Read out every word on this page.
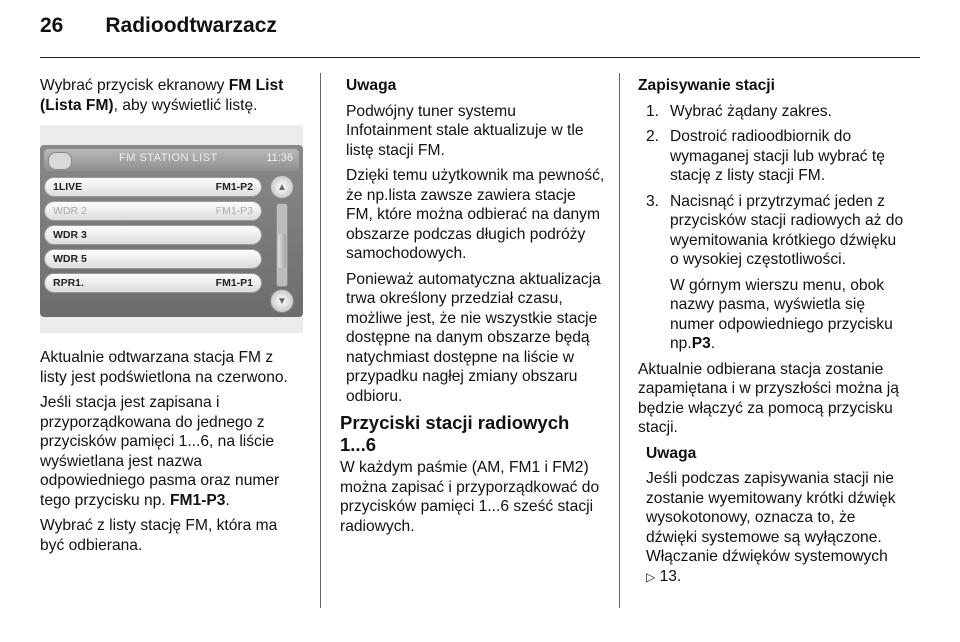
26 Radioodtwarzacz

Wybrać przycisk ekranowy FM List (Lista FM), aby wyświetlić listę.

FM STATION LIST	11:36
1LIVE	FM1-P2
WDR 2	FM1-P3
WDR 3
WDR 5
RPR1.	FM1-P1
▲
▼

Aktualnie odtwarzana stacja FM z listy jest podświetlona na czerwono.

Jeśli stacja jest zapisana i przyporządkowana do jednego z przycisków pamięci 1...6, na liście wyświetlana jest nazwa odpowiedniego pasma oraz numer tego przycisku np. FM1-P3.

Wybrać z listy stację FM, która ma być odbierana.

Uwaga

Podwójny tuner systemu Infotainment stale aktualizuje w tle listę stacji FM.

Dzięki temu użytkownik ma pewność, że np.lista zawsze zawiera stacje FM, które można odbierać na danym obszarze podczas długich podróży samochodowych.

Ponieważ automatyczna aktualizacja trwa określony przedział czasu, możliwe jest, że nie wszystkie stacje dostępne na danym obszarze będą natychmiast dostępne na liście w przypadku nagłej zmiany obszaru odbioru.

Przyciski stacji radiowych 1...6

W każdym paśmie (AM, FM1 i FM2) można zapisać i przyporządkować do przycisków pamięci 1...6 sześć stacji radiowych.

Zapisywanie stacji

1. Wybrać żądany zakres.
2. Dostroić radioodbiornik do wymaganej stacji lub wybrać tę stację z listy stacji FM.
3. Nacisnąć i przytrzymać jeden z przycisków stacji radiowych aż do wyemitowania krótkiego dźwięku o wysokiej częstotliwości.
W górnym wierszu menu, obok nazwy pasma, wyświetla się numer odpowiedniego przycisku np.P3.

Aktualnie odbierana stacja zostanie zapamiętana i w przyszłości można ją będzie włączyć za pomocą przycisku stacji.

Uwaga

Jeśli podczas zapisywania stacji nie zostanie wyemitowany krótki dźwięk wysokotonowy, oznacza to, że dźwięki systemowe są wyłączone. Włączanie dźwięków systemowych
▷ 13.
